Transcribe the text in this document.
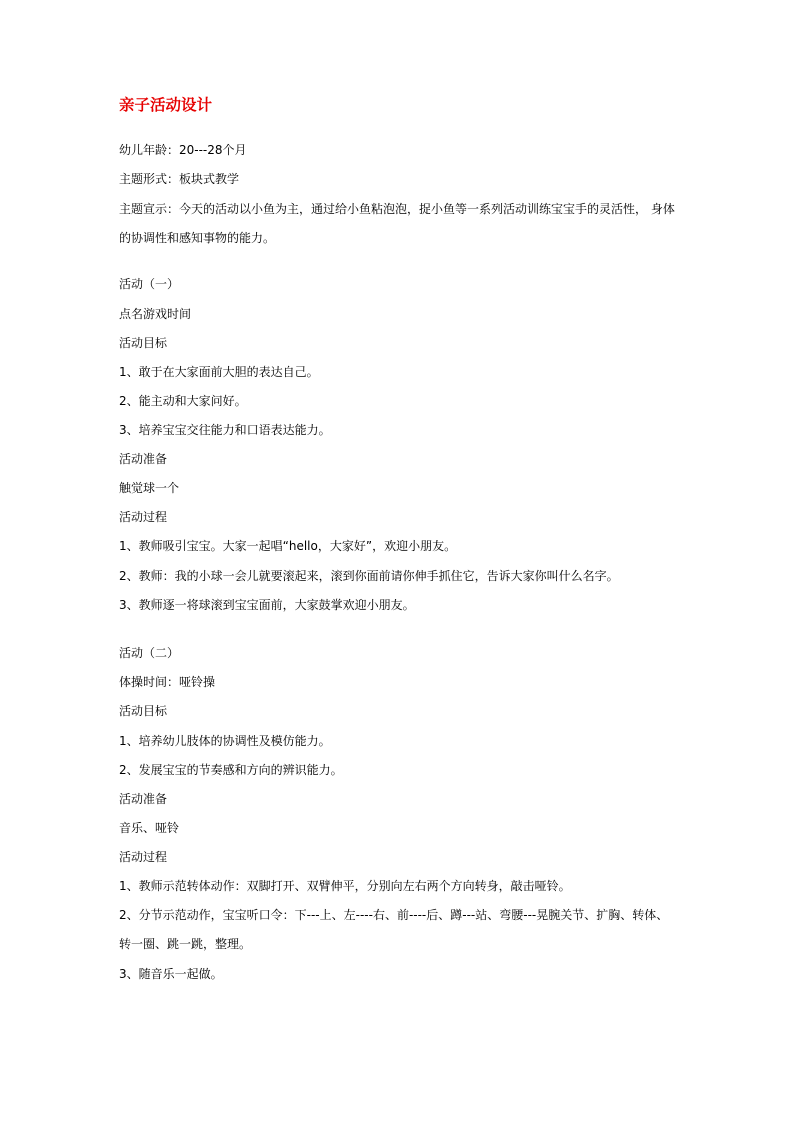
亲子活动设计
幼儿年龄：20---28个月
主题形式：板块式教学
主题宣示：今天的活动以小鱼为主，通过给小鱼粘泡泡，捉小鱼等一系列活动训练宝宝手的灵活性， 身体
的协调性和感知事物的能力。
活动（一）
点名游戏时间
活动目标
1、敢于在大家面前大胆的表达自己。
2、能主动和大家问好。
3、培养宝宝交往能力和口语表达能力。
活动准备
触觉球一个
活动过程
1、教师吸引宝宝。大家一起唱“hello，大家好”，欢迎小朋友。
2、教师：我的小球一会儿就要滚起来，滚到你面前请你伸手抓住它，告诉大家你叫什么名字。
3、教师逐一将球滚到宝宝面前，大家鼓掌欢迎小朋友。
活动（二）
体操时间：哑铃操
活动目标
1、培养幼儿肢体的协调性及模仿能力。
2、发展宝宝的节奏感和方向的辨识能力。
活动准备
音乐、哑铃
活动过程
1、教师示范转体动作：双脚打开、双臂伸平，分别向左右两个方向转身，敲击哑铃。
2、分节示范动作，宝宝听口令：下---上、左----右、前----后、蹲---站、弯腰---晃腕关节、扩胸、转体、
转一圈、跳一跳，整理。
3、随音乐一起做。
